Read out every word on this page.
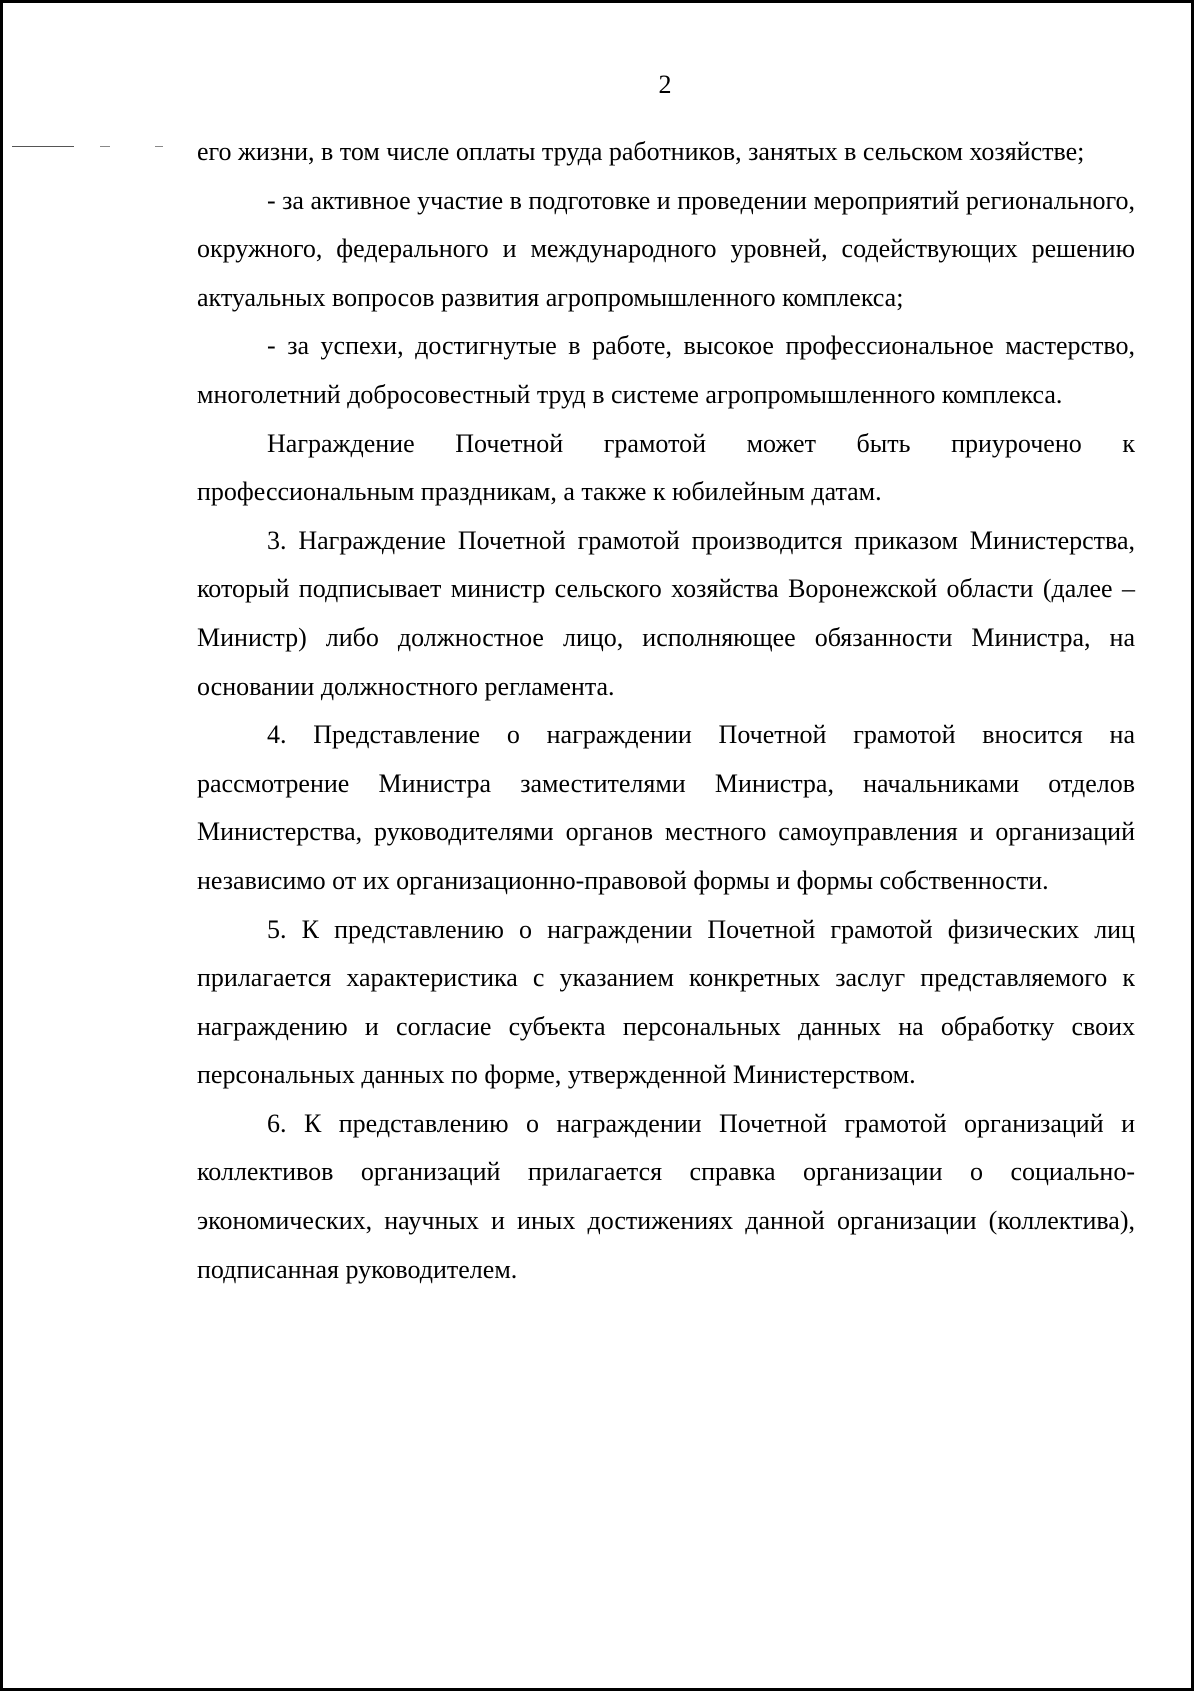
2

его жизни, в том числе оплаты труда работников, занятых в сельском хозяйстве;

- за активное участие в подготовке и проведении мероприятий регионального, окружного, федерального и международного уровней, содействующих решению актуальных вопросов развития агропромышленного комплекса;

- за успехи, достигнутые в работе, высокое профессиональное мастерство, многолетний добросовестный труд в системе агропромышленного комплекса.

Награждение Почетной грамотой может быть приурочено к профессиональным праздникам, а также к юбилейным датам.

3. Награждение Почетной грамотой производится приказом Министерства, который подписывает министр сельского хозяйства Воронежской области (далее – Министр) либо должностное лицо, исполняющее обязанности Министра, на основании должностного регламента.

4. Представление о награждении Почетной грамотой вносится на рассмотрение Министра заместителями Министра, начальниками отделов Министерства, руководителями органов местного самоуправления и организаций независимо от их организационно-правовой формы и формы собственности.

5. К представлению о награждении Почетной грамотой физических лиц прилагается характеристика с указанием конкретных заслуг представляемого к награждению и согласие субъекта персональных данных на обработку своих персональных данных по форме, утвержденной Министерством.

6. К представлению о награждении Почетной грамотой организаций и коллективов организаций прилагается справка организации о социально-экономических, научных и иных достижениях данной организации (коллектива), подписанная руководителем.
